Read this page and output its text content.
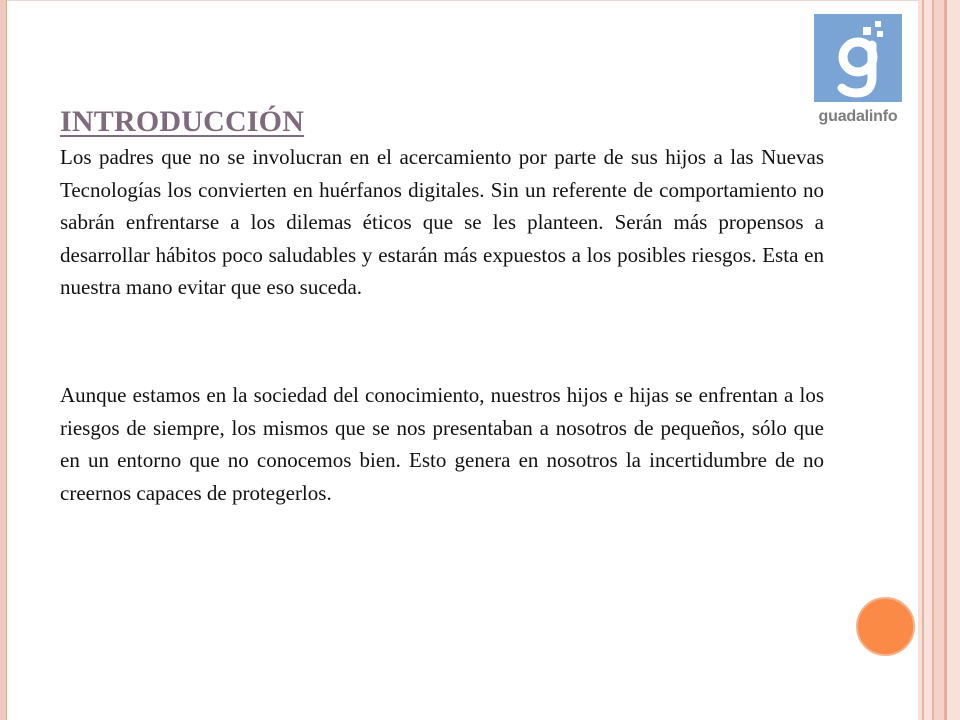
guadalinfo
INTRODUCCIÓN

Los padres que no se involucran en el acercamiento por parte de sus hijos a las Nuevas Tecnologías los convierten en huérfanos digitales. Sin un referente de comportamiento no sabrán enfrentarse a los dilemas éticos que se les planteen. Serán más propensos a desarrollar hábitos poco saludables y estarán más expuestos a los posibles riesgos. Esta en nuestra mano evitar que eso suceda.

Aunque estamos en la sociedad del conocimiento, nuestros hijos e hijas se enfrentan a los riesgos de siempre, los mismos que se nos presentaban a nosotros de pequeños, sólo que en un entorno que no conocemos bien. Esto genera en nosotros la incertidumbre de no creernos capaces de protegerlos.
